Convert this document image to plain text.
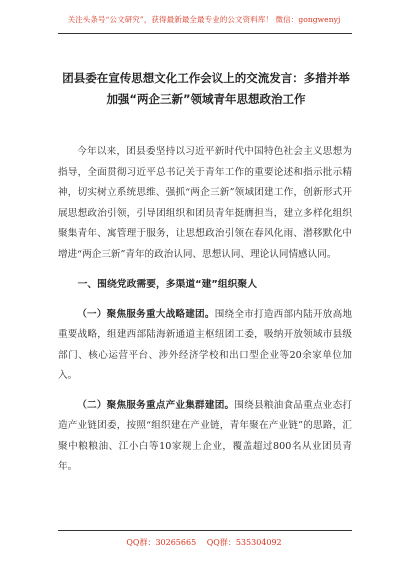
关注头条号“公文研究”，获得最新最全最专业的公文资料库！ 微信：gongwenyj
团县委在宣传思想文化工作会议上的交流发言：多措并举
加强“两企三新”领域青年思想政治工作

今年以来，团县委坚持以习近平新时代中国特色社会主义思想为指导，全面贯彻习近平总书记关于青年工作的重要论述和指示批示精神，切实树立系统思维、强抓“两企三新”领域团建工作，创新形式开展思想政治引领，引导团组织和团员青年挺膺担当，建立多样化组织聚集青年、寓管理于服务，让思想政治引领在春风化雨、潜移默化中增进“两企三新”青年的政治认同、思想认同、理论认同情感认同。

一、围绕党政需要，多渠道“建”组织聚人

（一）聚焦服务重大战略建团。围绕全市打造西部内陆开放高地重要战略，组建西部陆海新通道主枢纽团工委，吸纳开放领域市县级部门、核心运营平台、涉外经济学校和出口型企业等20余家单位加入。

（二）聚焦服务重点产业集群建团。围绕县粮油食品重点业态打造产业链团委，按照“组织建在产业链，青年聚在产业链”的思路，汇聚中粮粮油、江小白等10家规上企业，覆盖超过800名从业团员青年。

QQ群：30265665 QQ群：535304092
